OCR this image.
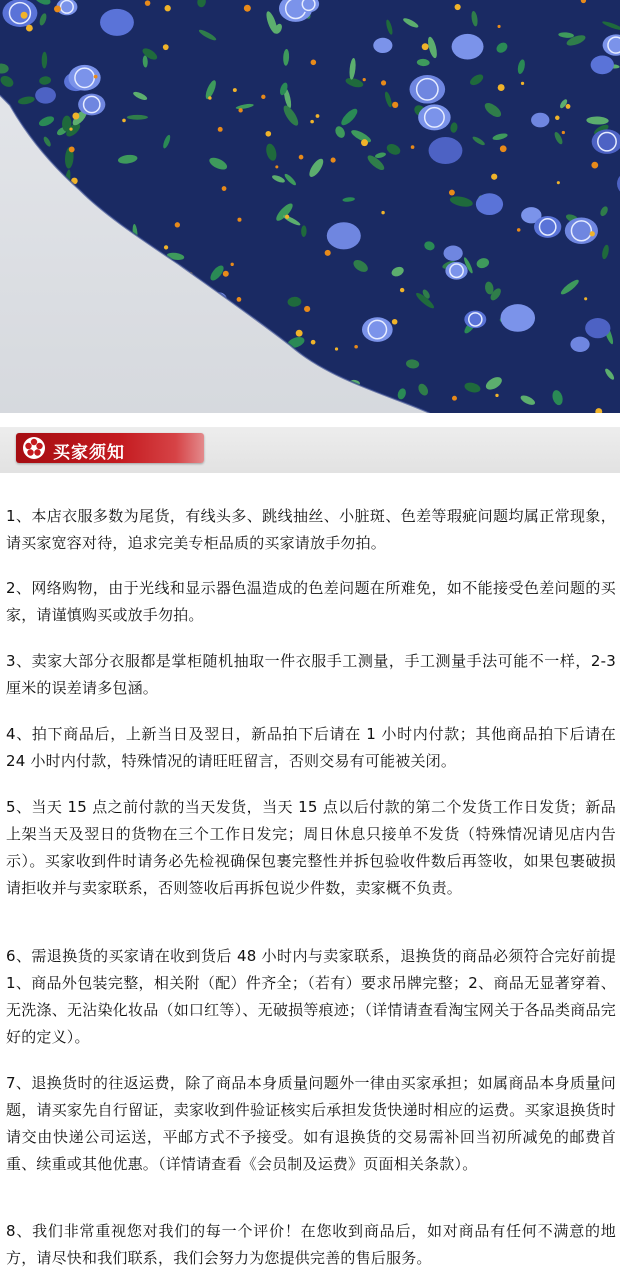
买家须知

1、本店衣服多数为尾货，有线头多、跳线抽丝、小脏斑、色差等瑕疵问题均属正常现象，请买家宽容对待，追求完美专柜品质的买家请放手勿拍。

2、网络购物，由于光线和显示器色温造成的色差问题在所难免，如不能接受色差问题的买家，请谨慎购买或放手勿拍。

3、卖家大部分衣服都是掌柜随机抽取一件衣服手工测量，手工测量手法可能不一样，2-3厘米的误差请多包涵。

4、拍下商品后，上新当日及翌日，新品拍下后请在 1 小时内付款；其他商品拍下后请在 24 小时内付款，特殊情况的请旺旺留言，否则交易有可能被关闭。

5、当天 15 点之前付款的当天发货，当天 15 点以后付款的第二个发货工作日发货；新品上架当天及翌日的货物在三个工作日发完；周日休息只接单不发货（特殊情况请见店内告示）。买家收到件时请务必先检视确保包裹完整性并拆包验收件数后再签收，如果包裹破损请拒收并与卖家联系，否则签收后再拆包说少件数，卖家概不负责。

6、需退换货的买家请在收到货后 48 小时内与卖家联系，退换货的商品必须符合完好前提 1、商品外包装完整，相关附（配）件齐全；（若有）要求吊牌完整；2、商品无显著穿着、无洗涤、无沾染化妆品（如口红等）、无破损等痕迹；（详情请查看淘宝网关于各品类商品完好的定义）。

7、退换货时的往返运费，除了商品本身质量问题外一律由买家承担；如属商品本身质量问题，请买家先自行留证，卖家收到件验证核实后承担发货快递时相应的运费。买家退换货时请交由快递公司运送，平邮方式不予接受。如有退换货的交易需补回当初所减免的邮费首重、续重或其他优惠。（详情请查看《会员制及运费》页面相关条款）。

8、我们非常重视您对我们的每一个评价！在您收到商品后，如对商品有任何不满意的地方，请尽快和我们联系，我们会努力为您提供完善的售后服务。
